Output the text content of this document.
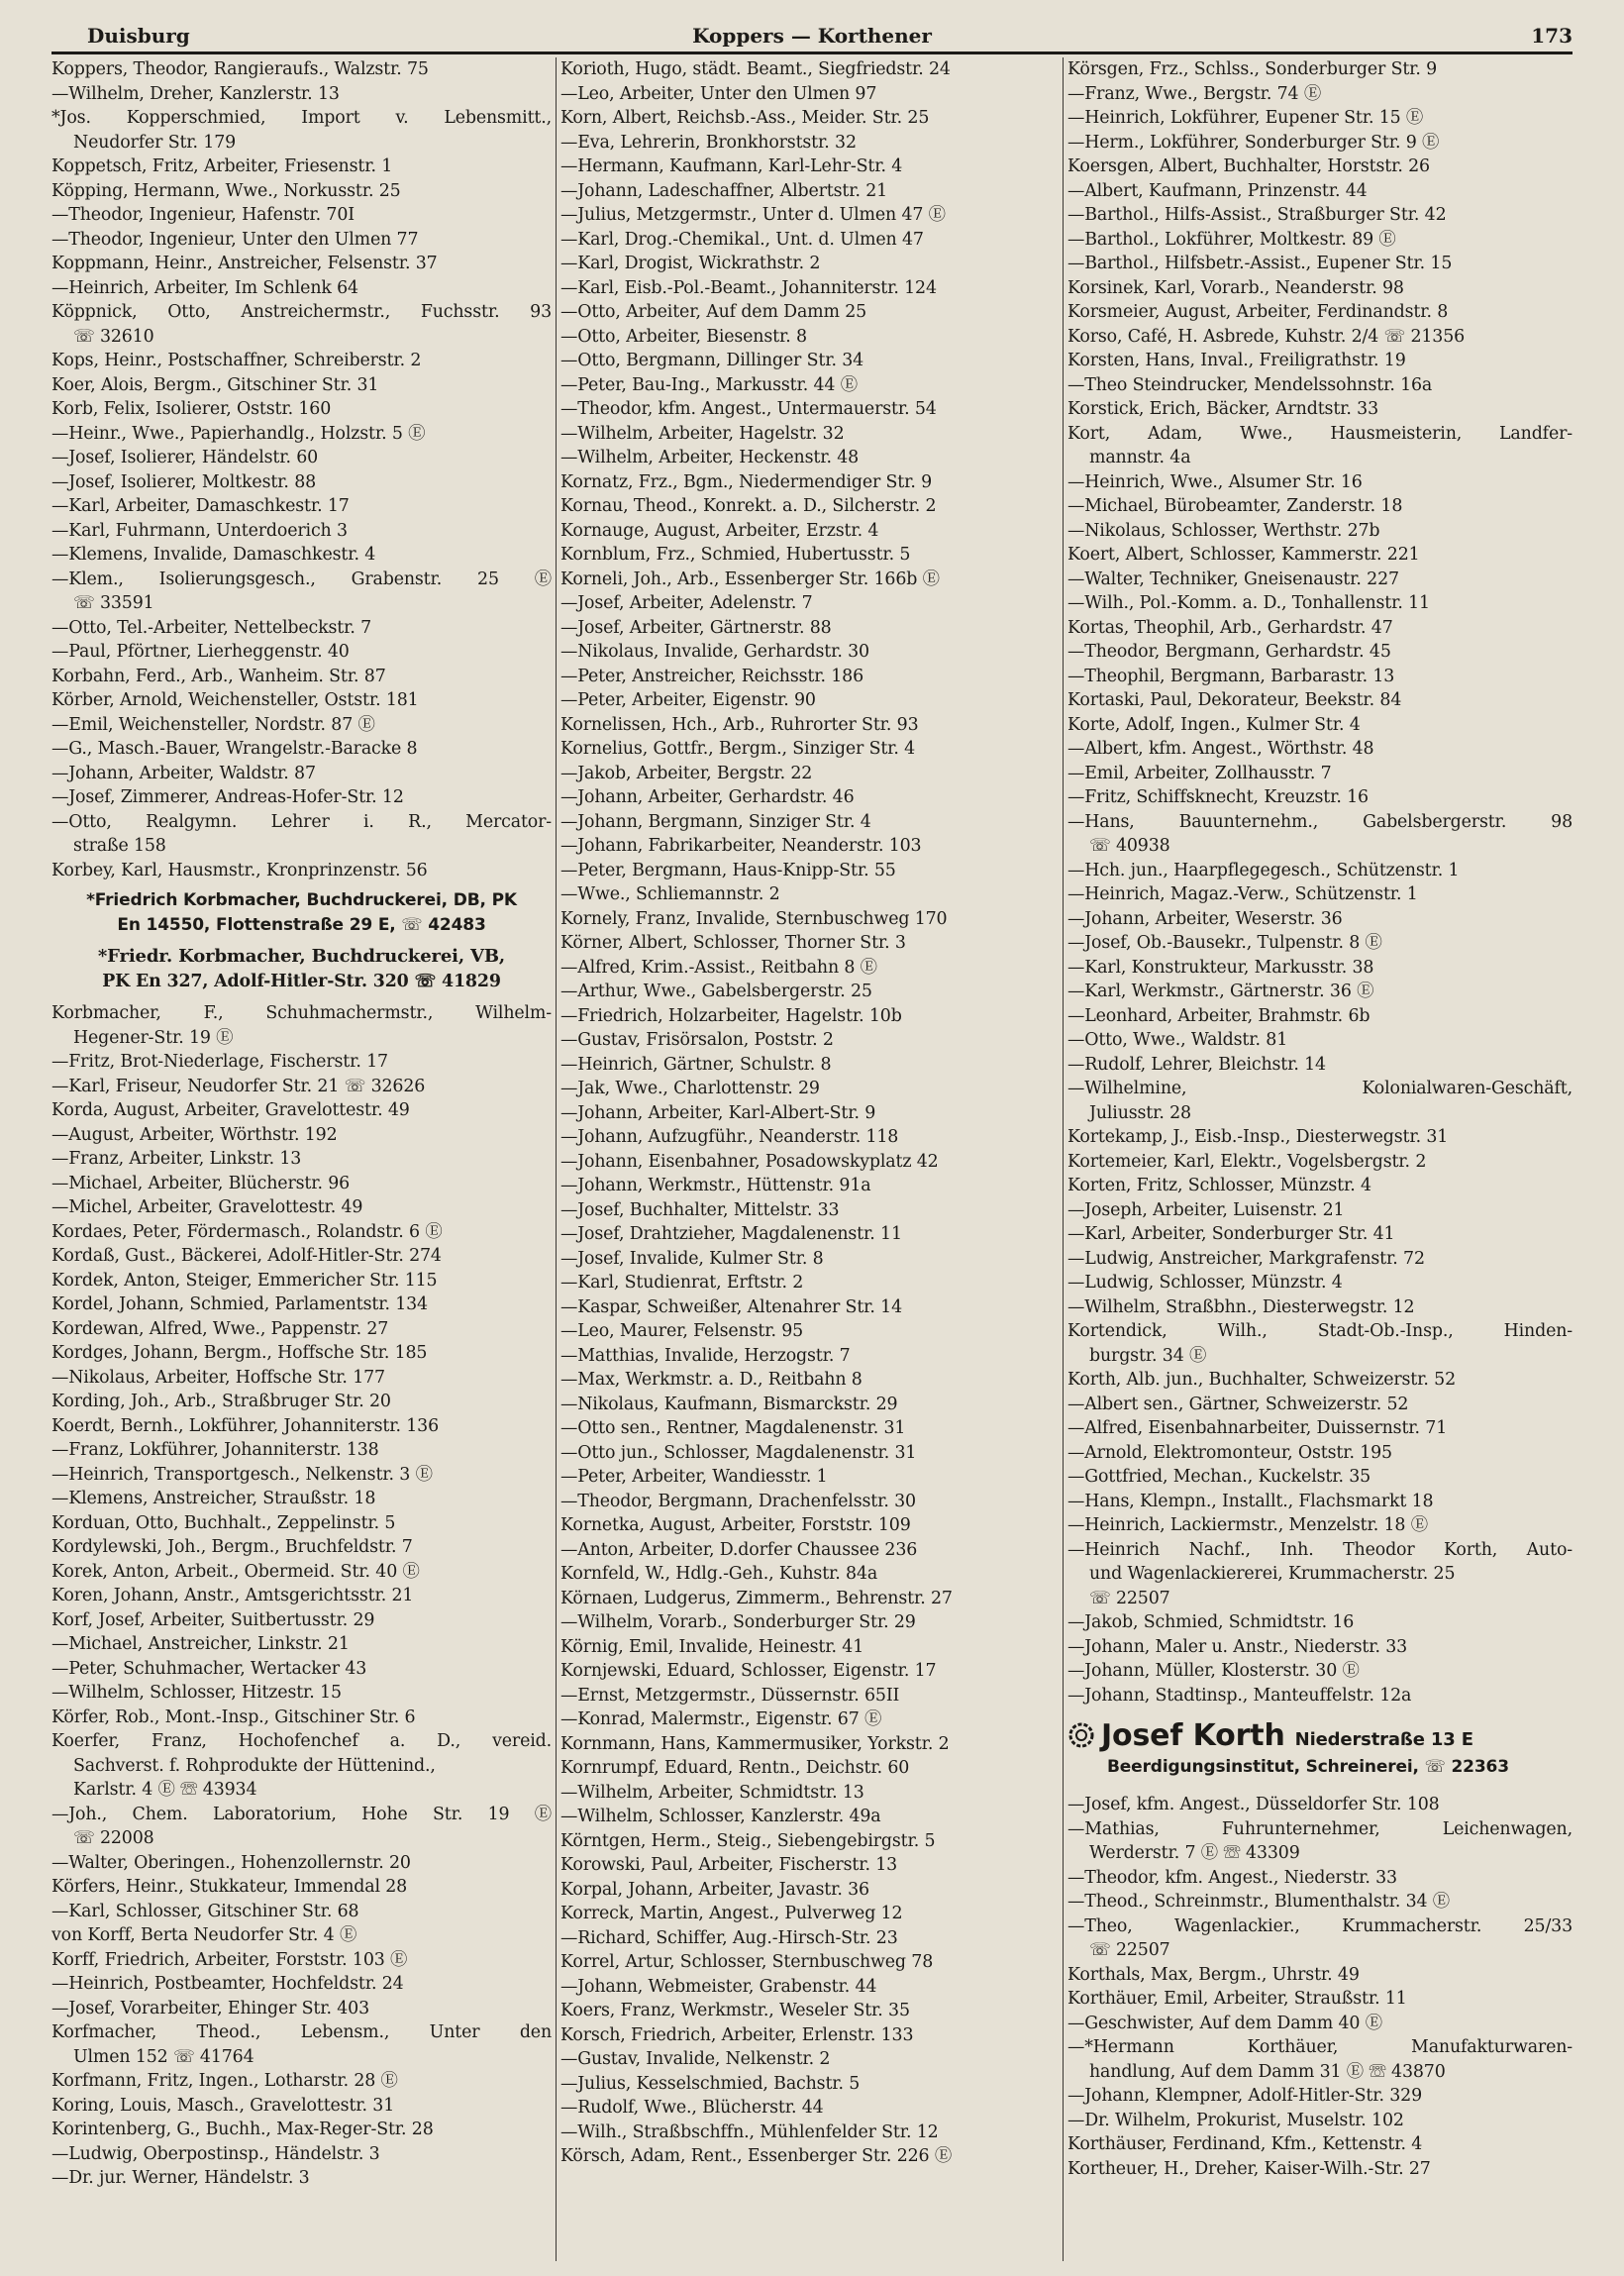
Duisburg	Koppers — Korthener	173
Koppers, Theodor, Rangieraufs., Walzstr. 75
—Wilhelm, Dreher, Kanzlerstr. 13
*Jos. Kopperschmied, Import v. Lebensmitt.,
Neudorfer Str. 179
Koppetsch, Fritz, Arbeiter, Friesenstr. 1
Köpping, Hermann, Wwe., Norkusstr. 25
—Theodor, Ingenieur, Hafenstr. 70I
—Theodor, Ingenieur, Unter den Ulmen 77
Koppmann, Heinr., Anstreicher, Felsenstr. 37
—Heinrich, Arbeiter, Im Schlenk 64
Köppnick, Otto, Anstreichermstr., Fuchsstr. 93
☏ 32610
Kops, Heinr., Postschaffner, Schreiberstr. 2
Koer, Alois, Bergm., Gitschiner Str. 31
Korb, Felix, Isolierer, Oststr. 160
—Heinr., Wwe., Papierhandlg., Holzstr. 5 Ⓔ
—Josef, Isolierer, Händelstr. 60
—Josef, Isolierer, Moltkestr. 88
—Karl, Arbeiter, Damaschkestr. 17
—Karl, Fuhrmann, Unterdoerich 3
—Klemens, Invalide, Damaschkestr. 4
—Klem., Isolierungsgesch., Grabenstr. 25 Ⓔ
☏ 33591
—Otto, Tel.-Arbeiter, Nettelbeckstr. 7
—Paul, Pförtner, Lierheggenstr. 40
Korbahn, Ferd., Arb., Wanheim. Str. 87
Körber, Arnold, Weichensteller, Oststr. 181
—Emil, Weichensteller, Nordstr. 87 Ⓔ
—G., Masch.-Bauer, Wrangelstr.-Baracke 8
—Johann, Arbeiter, Waldstr. 87
—Josef, Zimmerer, Andreas-Hofer-Str. 12
—Otto, Realgymn. Lehrer i. R., Mercator-
straße 158
Korbey, Karl, Hausmstr., Kronprinzenstr. 56
*Friedrich Korbmacher, Buchdruckerei, DB, PK
En 14550, Flottenstraße 29 E, ☏ 42483
*Friedr. Korbmacher, Buchdruckerei, VB,
PK En 327, Adolf-Hitler-Str. 320 ☏ 41829
Korbmacher, F., Schuhmachermstr., Wilhelm-
Hegener-Str. 19 Ⓔ
—Fritz, Brot-Niederlage, Fischerstr. 17
—Karl, Friseur, Neudorfer Str. 21 ☏ 32626
Korda, August, Arbeiter, Gravelottestr. 49
—August, Arbeiter, Wörthstr. 192
—Franz, Arbeiter, Linkstr. 13
—Michael, Arbeiter, Blücherstr. 96
—Michel, Arbeiter, Gravelottestr. 49
Kordaes, Peter, Fördermasch., Rolandstr. 6 Ⓔ
Kordaß, Gust., Bäckerei, Adolf-Hitler-Str. 274
Kordek, Anton, Steiger, Emmericher Str. 115
Kordel, Johann, Schmied, Parlamentstr. 134
Kordewan, Alfred, Wwe., Pappenstr. 27
Kordges, Johann, Bergm., Hoffsche Str. 185
—Nikolaus, Arbeiter, Hoffsche Str. 177
Kording, Joh., Arb., Straßbruger Str. 20
Koerdt, Bernh., Lokführer, Johanniterstr. 136
—Franz, Lokführer, Johanniterstr. 138
—Heinrich, Transportgesch., Nelkenstr. 3 Ⓔ
—Klemens, Anstreicher, Straußstr. 18
Korduan, Otto, Buchhalt., Zeppelinstr. 5
Kordylewski, Joh., Bergm., Bruchfeldstr. 7
Korek, Anton, Arbeit., Obermeid. Str. 40 Ⓔ
Koren, Johann, Anstr., Amtsgerichtsstr. 21
Korf, Josef, Arbeiter, Suitbertusstr. 29
—Michael, Anstreicher, Linkstr. 21
—Peter, Schuhmacher, Wertacker 43
—Wilhelm, Schlosser, Hitzestr. 15
Körfer, Rob., Mont.-Insp., Gitschiner Str. 6
Koerfer, Franz, Hochofenchef a. D., vereid.
Sachverst. f. Rohprodukte der Hüttenind.,
Karlstr. 4 Ⓔ ☏ 43934
—Joh., Chem. Laboratorium, Hohe Str. 19 Ⓔ
☏ 22008
—Walter, Oberingen., Hohenzollernstr. 20
Körfers, Heinr., Stukkateur, Immendal 28
—Karl, Schlosser, Gitschiner Str. 68
von Korff, Berta Neudorfer Str. 4 Ⓔ
Korff, Friedrich, Arbeiter, Forststr. 103 Ⓔ
—Heinrich, Postbeamter, Hochfeldstr. 24
—Josef, Vorarbeiter, Ehinger Str. 403
Korfmacher, Theod., Lebensm., Unter den
Ulmen 152 ☏ 41764
Korfmann, Fritz, Ingen., Lotharstr. 28 Ⓔ
Koring, Louis, Masch., Gravelottestr. 31
Korintenberg, G., Buchh., Max-Reger-Str. 28
—Ludwig, Oberpostinsp., Händelstr. 3
—Dr. jur. Werner, Händelstr. 3
Korioth, Hugo, städt. Beamt., Siegfriedstr. 24
—Leo, Arbeiter, Unter den Ulmen 97
Korn, Albert, Reichsb.-Ass., Meider. Str. 25
—Eva, Lehrerin, Bronkhorststr. 32
—Hermann, Kaufmann, Karl-Lehr-Str. 4
—Johann, Ladeschaffner, Albertstr. 21
—Julius, Metzgermstr., Unter d. Ulmen 47 Ⓔ
—Karl, Drog.-Chemikal., Unt. d. Ulmen 47
—Karl, Drogist, Wickrathstr. 2
—Karl, Eisb.-Pol.-Beamt., Johanniterstr. 124
—Otto, Arbeiter, Auf dem Damm 25
—Otto, Arbeiter, Biesenstr. 8
—Otto, Bergmann, Dillinger Str. 34
—Peter, Bau-Ing., Markusstr. 44 Ⓔ
—Theodor, kfm. Angest., Untermauerstr. 54
—Wilhelm, Arbeiter, Hagelstr. 32
—Wilhelm, Arbeiter, Heckenstr. 48
Kornatz, Frz., Bgm., Niedermendiger Str. 9
Kornau, Theod., Konrekt. a. D., Silcherstr. 2
Kornauge, August, Arbeiter, Erzstr. 4
Kornblum, Frz., Schmied, Hubertusstr. 5
Korneli, Joh., Arb., Essenberger Str. 166b Ⓔ
—Josef, Arbeiter, Adelenstr. 7
—Josef, Arbeiter, Gärtnerstr. 88
—Nikolaus, Invalide, Gerhardstr. 30
—Peter, Anstreicher, Reichsstr. 186
—Peter, Arbeiter, Eigenstr. 90
Kornelissen, Hch., Arb., Ruhrorter Str. 93
Kornelius, Gottfr., Bergm., Sinziger Str. 4
—Jakob, Arbeiter, Bergstr. 22
—Johann, Arbeiter, Gerhardstr. 46
—Johann, Bergmann, Sinziger Str. 4
—Johann, Fabrikarbeiter, Neanderstr. 103
—Peter, Bergmann, Haus-Knipp-Str. 55
—Wwe., Schliemannstr. 2
Kornely, Franz, Invalide, Sternbuschweg 170
Körner, Albert, Schlosser, Thorner Str. 3
—Alfred, Krim.-Assist., Reitbahn 8 Ⓔ
—Arthur, Wwe., Gabelsbergerstr. 25
—Friedrich, Holzarbeiter, Hagelstr. 10b
—Gustav, Frisörsalon, Poststr. 2
—Heinrich, Gärtner, Schulstr. 8
—Jak, Wwe., Charlottenstr. 29
—Johann, Arbeiter, Karl-Albert-Str. 9
—Johann, Aufzugführ., Neanderstr. 118
—Johann, Eisenbahner, Posadowskyplatz 42
—Johann, Werkmstr., Hüttenstr. 91a
—Josef, Buchhalter, Mittelstr. 33
—Josef, Drahtzieher, Magdalenenstr. 11
—Josef, Invalide, Kulmer Str. 8
—Karl, Studienrat, Erftstr. 2
—Kaspar, Schweißer, Altenahrer Str. 14
—Leo, Maurer, Felsenstr. 95
—Matthias, Invalide, Herzogstr. 7
—Max, Werkmstr. a. D., Reitbahn 8
—Nikolaus, Kaufmann, Bismarckstr. 29
—Otto sen., Rentner, Magdalenenstr. 31
—Otto jun., Schlosser, Magdalenenstr. 31
—Peter, Arbeiter, Wandiesstr. 1
—Theodor, Bergmann, Drachenfelsstr. 30
Kornetka, August, Arbeiter, Forststr. 109
—Anton, Arbeiter, D.dorfer Chaussee 236
Kornfeld, W., Hdlg.-Geh., Kuhstr. 84a
Körnaen, Ludgerus, Zimmerm., Behrenstr. 27
—Wilhelm, Vorarb., Sonderburger Str. 29
Körnig, Emil, Invalide, Heinestr. 41
Kornjewski, Eduard, Schlosser, Eigenstr. 17
—Ernst, Metzgermstr., Düssernstr. 65II
—Konrad, Malermstr., Eigenstr. 67 Ⓔ
Kornmann, Hans, Kammermusiker, Yorkstr. 2
Kornrumpf, Eduard, Rentn., Deichstr. 60
—Wilhelm, Arbeiter, Schmidtstr. 13
—Wilhelm, Schlosser, Kanzlerstr. 49a
Körntgen, Herm., Steig., Siebengebirgstr. 5
Korowski, Paul, Arbeiter, Fischerstr. 13
Korpal, Johann, Arbeiter, Javastr. 36
Korreck, Martin, Angest., Pulverweg 12
—Richard, Schiffer, Aug.-Hirsch-Str. 23
Korrel, Artur, Schlosser, Sternbuschweg 78
—Johann, Webmeister, Grabenstr. 44
Koers, Franz, Werkmstr., Weseler Str. 35
Korsch, Friedrich, Arbeiter, Erlenstr. 133
—Gustav, Invalide, Nelkenstr. 2
—Julius, Kesselschmied, Bachstr. 5
—Rudolf, Wwe., Blücherstr. 44
—Wilh., Straßbschffn., Mühlenfelder Str. 12
Körsch, Adam, Rent., Essenberger Str. 226 Ⓔ
Körsgen, Frz., Schlss., Sonderburger Str. 9
—Franz, Wwe., Bergstr. 74 Ⓔ
—Heinrich, Lokführer, Eupener Str. 15 Ⓔ
—Herm., Lokführer, Sonderburger Str. 9 Ⓔ
Koersgen, Albert, Buchhalter, Horststr. 26
—Albert, Kaufmann, Prinzenstr. 44
—Barthol., Hilfs-Assist., Straßburger Str. 42
—Barthol., Lokführer, Moltkestr. 89 Ⓔ
—Barthol., Hilfsbetr.-Assist., Eupener Str. 15
Korsinek, Karl, Vorarb., Neanderstr. 98
Korsmeier, August, Arbeiter, Ferdinandstr. 8
Korso, Café, H. Asbrede, Kuhstr. 2/4 ☏ 21356
Korsten, Hans, Inval., Freiligrathstr. 19
—Theo Steindrucker, Mendelssohnstr. 16a
Korstick, Erich, Bäcker, Arndtstr. 33
Kort, Adam, Wwe., Hausmeisterin, Landfer-
mannstr. 4a
—Heinrich, Wwe., Alsumer Str. 16
—Michael, Bürobeamter, Zanderstr. 18
—Nikolaus, Schlosser, Werthstr. 27b
Koert, Albert, Schlosser, Kammerstr. 221
—Walter, Techniker, Gneisenaustr. 227
—Wilh., Pol.-Komm. a. D., Tonhallenstr. 11
Kortas, Theophil, Arb., Gerhardstr. 47
—Theodor, Bergmann, Gerhardstr. 45
—Theophil, Bergmann, Barbarastr. 13
Kortaski, Paul, Dekorateur, Beekstr. 84
Korte, Adolf, Ingen., Kulmer Str. 4
—Albert, kfm. Angest., Wörthstr. 48
—Emil, Arbeiter, Zollhausstr. 7
—Fritz, Schiffsknecht, Kreuzstr. 16
—Hans, Bauunternehm., Gabelsbergerstr. 98
☏ 40938
—Hch. jun., Haarpflegegesch., Schützenstr. 1
—Heinrich, Magaz.-Verw., Schützenstr. 1
—Johann, Arbeiter, Weserstr. 36
—Josef, Ob.-Bausekr., Tulpenstr. 8 Ⓔ
—Karl, Konstrukteur, Markusstr. 38
—Karl, Werkmstr., Gärtnerstr. 36 Ⓔ
—Leonhard, Arbeiter, Brahmstr. 6b
—Otto, Wwe., Waldstr. 81
—Rudolf, Lehrer, Bleichstr. 14
—Wilhelmine, Kolonialwaren-Geschäft,
Juliusstr. 28
Kortekamp, J., Eisb.-Insp., Diesterwegstr. 31
Kortemeier, Karl, Elektr., Vogelsbergstr. 2
Korten, Fritz, Schlosser, Münzstr. 4
—Joseph, Arbeiter, Luisenstr. 21
—Karl, Arbeiter, Sonderburger Str. 41
—Ludwig, Anstreicher, Markgrafenstr. 72
—Ludwig, Schlosser, Münzstr. 4
—Wilhelm, Straßbhn., Diesterwegstr. 12
Kortendick, Wilh., Stadt-Ob.-Insp., Hinden-
burgstr. 34 Ⓔ
Korth, Alb. jun., Buchhalter, Schweizerstr. 52
—Albert sen., Gärtner, Schweizerstr. 52
—Alfred, Eisenbahnarbeiter, Duissernstr. 71
—Arnold, Elektromonteur, Oststr. 195
—Gottfried, Mechan., Kuckelstr. 35
—Hans, Klempn., Installt., Flachsmarkt 18
—Heinrich, Lackiermstr., Menzelstr. 18 Ⓔ
—Heinrich Nachf., Inh. Theodor Korth, Auto-
und Wagenlackiererei, Krummacherstr. 25
☏ 22507
—Jakob, Schmied, Schmidtstr. 16
—Johann, Maler u. Anstr., Niederstr. 33
—Johann, Müller, Klosterstr. 30 Ⓔ
—Johann, Stadtinsp., Manteuffelstr. 12a
Josef Korth Niederstraße 13 E
Beerdigungsinstitut, Schreinerei, ☏ 22363
—Josef, kfm. Angest., Düsseldorfer Str. 108
—Mathias, Fuhrunternehmer, Leichenwagen,
Werderstr. 7 Ⓔ ☏ 43309
—Theodor, kfm. Angest., Niederstr. 33
—Theod., Schreinmstr., Blumenthalstr. 34 Ⓔ
—Theo, Wagenlackier., Krummacherstr. 25/33
☏ 22507
Korthals, Max, Bergm., Uhrstr. 49
Korthäuer, Emil, Arbeiter, Straußstr. 11
—Geschwister, Auf dem Damm 40 Ⓔ
—*Hermann Korthäuer, Manufakturwaren-
handlung, Auf dem Damm 31 Ⓔ ☏ 43870
—Johann, Klempner, Adolf-Hitler-Str. 329
—Dr. Wilhelm, Prokurist, Muselstr. 102
Korthäuser, Ferdinand, Kfm., Kettenstr. 4
Kortheuer, H., Dreher, Kaiser-Wilh.-Str. 27
